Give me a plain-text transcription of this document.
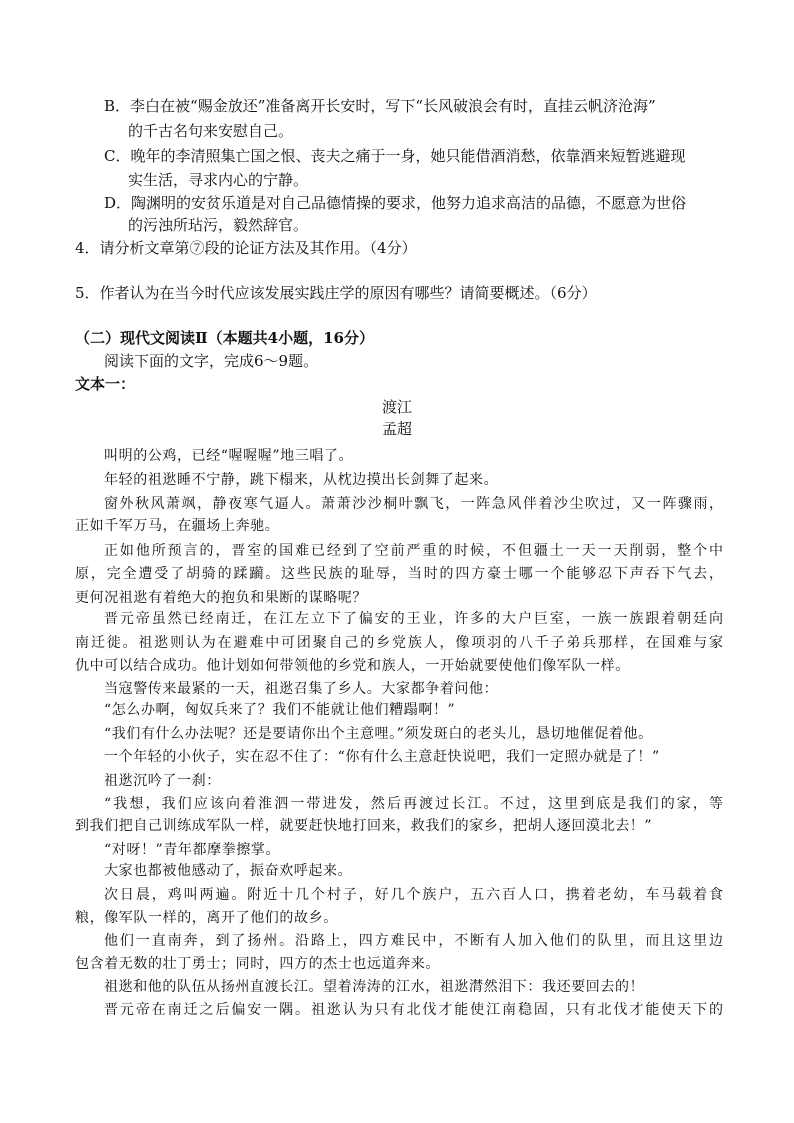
B．李白在被“赐金放还”准备离开长安时，写下“长风破浪会有时，直挂云帆济沧海”
的千古名句来安慰自己。
C．晚年的李清照集亡国之恨、丧夫之痛于一身，她只能借酒消愁，依靠酒来短暂逃避现
实生活，寻求内心的宁静。
D．陶渊明的安贫乐道是对自己品德情操的要求，他努力追求高洁的品德，不愿意为世俗
的污浊所玷污，毅然辞官。
4．请分析文章第⑦段的论证方法及其作用。（4分）
5．作者认为在当今时代应该发展实践庄学的原因有哪些？请简要概述。（6分）
（二）现代文阅读Ⅱ（本题共4小题，16分）
阅读下面的文字，完成6～9题。
文本一：
渡江
孟超
叫明的公鸡，已经“喔喔喔”地三唱了。
年轻的祖逖睡不宁静，跳下榻来，从枕边摸出长剑舞了起来。
窗外秋风萧飒，静夜寒气逼人。萧萧沙沙桐叶飘飞，一阵急风伴着沙尘吹过，又一阵骤雨，
正如千军万马，在疆场上奔驰。
正如他所预言的，晋室的国难已经到了空前严重的时候，不但疆土一天一天削弱，整个中
原，完全遭受了胡骑的蹂躏。这些民族的耻辱，当时的四方豪士哪一个能够忍下声吞下气去，
更何况祖逖有着绝大的抱负和果断的谋略呢？
晋元帝虽然已经南迁，在江左立下了偏安的王业，许多的大户巨室，一族一族跟着朝廷向
南迁徙。祖逖则认为在避难中可团聚自己的乡党族人，像项羽的八千子弟兵那样，在国难与家
仇中可以结合成功。他计划如何带领他的乡党和族人，一开始就要使他们像军队一样。
当寇警传来最紧的一天，祖逖召集了乡人。大家都争着问他：
“怎么办啊，匈奴兵来了？我们不能就让他们糟蹋啊！”
“我们有什么办法呢？还是要请你出个主意哩。”须发斑白的老头儿，恳切地催促着他。
一个年轻的小伙子，实在忍不住了：“你有什么主意赶快说吧，我们一定照办就是了！”
祖逖沉吟了一刹：
“我想，我们应该向着淮泗一带进发，然后再渡过长江。不过，这里到底是我们的家，等
到我们把自己训练成军队一样，就要赶快地打回来，救我们的家乡，把胡人逐回漠北去！”
“对呀！”青年都摩拳擦掌。
大家也都被他感动了，振奋欢呼起来。
次日晨，鸡叫两遍。附近十几个村子，好几个族户，五六百人口，携着老幼，车马载着食
粮，像军队一样的，离开了他们的故乡。
他们一直南奔，到了扬州。沿路上，四方难民中，不断有人加入他们的队里，而且这里边
包含着无数的壮丁勇士；同时，四方的杰士也远道奔来。
祖逖和他的队伍从扬州直渡长江。望着涛涛的江水，祖逖潸然泪下：我还要回去的！
晋元帝在南迁之后偏安一隅。祖逖认为只有北伐才能使江南稳固，只有北伐才能使天下的
